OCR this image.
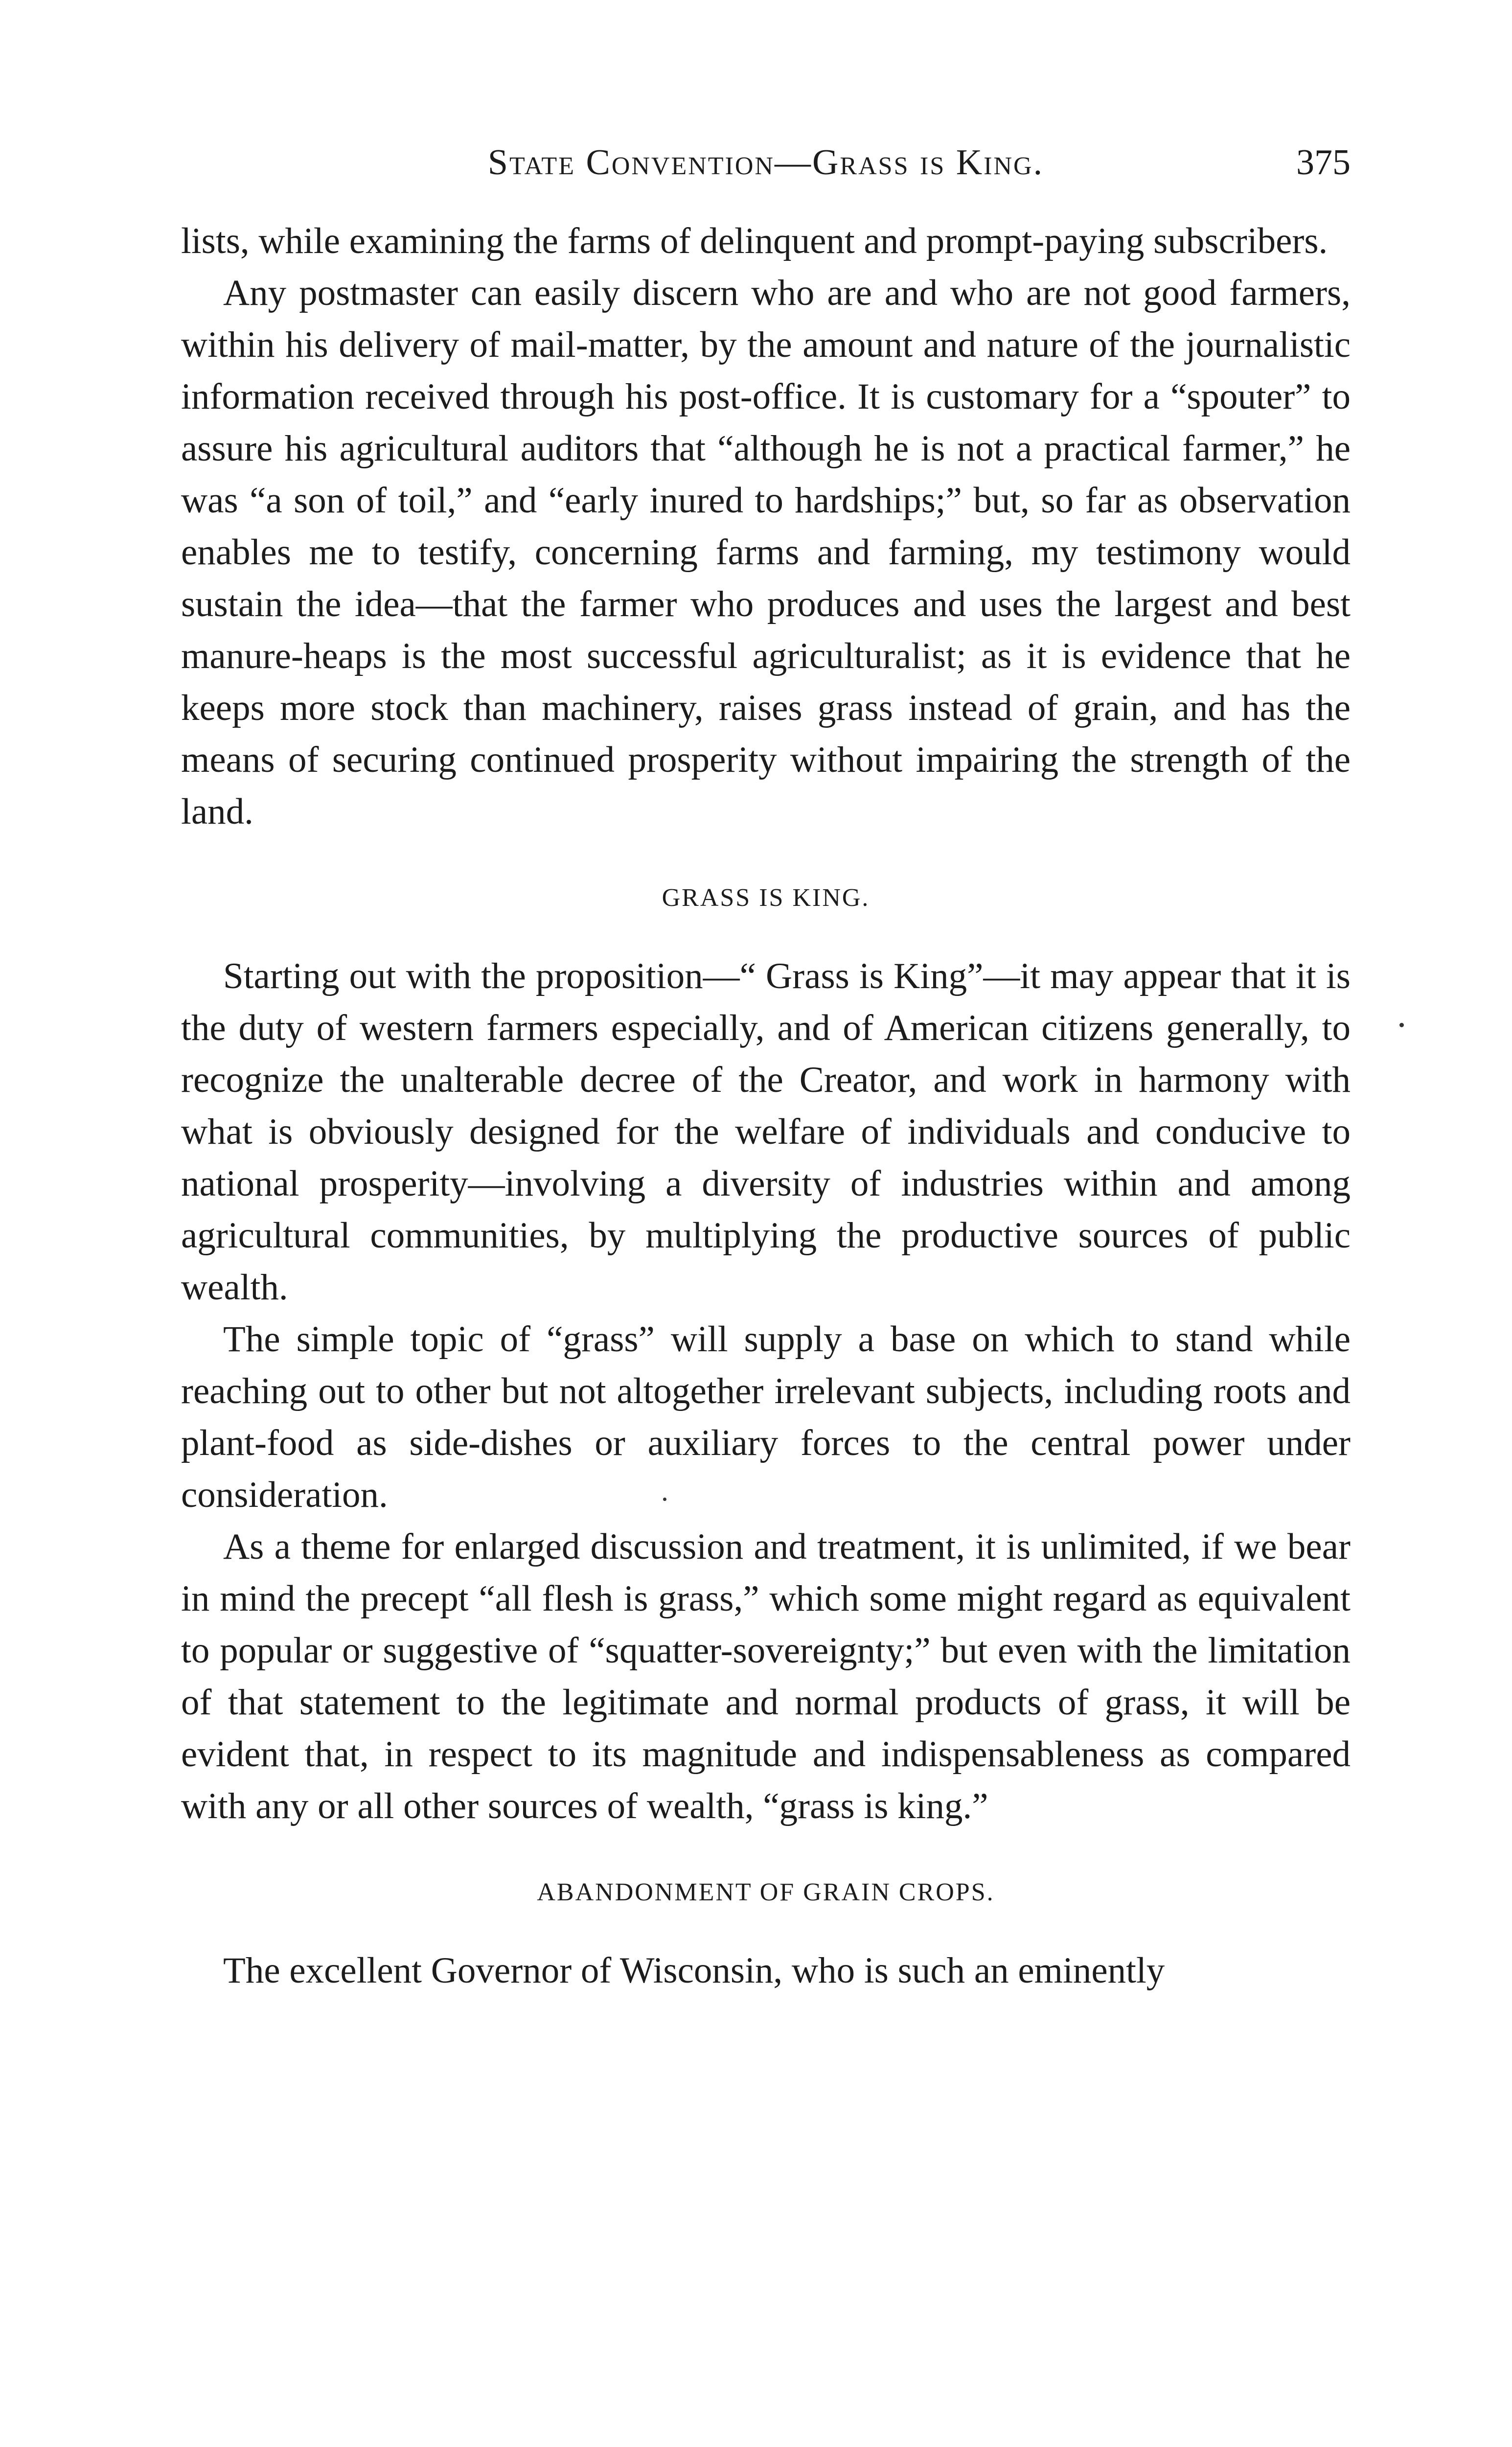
State Convention—Grass is King.	375

lists, while examining the farms of delinquent and prompt-paying subscribers.

Any postmaster can easily discern who are and who are not good farmers, within his delivery of mail-matter, by the amount and nature of the journalistic information received through his post-office. It is customary for a “spouter” to assure his agricultural auditors that “although he is not a practical farmer,” he was “a son of toil,” and “early inured to hardships;” but, so far as observation enables me to testify, concerning farms and farming, my testimony would sustain the idea—that the farmer who produces and uses the largest and best manure-heaps is the most successful agriculturalist; as it is evidence that he keeps more stock than machinery, raises grass instead of grain, and has the means of securing continued prosperity without impairing the strength of the land.

GRASS IS KING.

Starting out with the proposition—“ Grass is King”—it may appear that it is the duty of western farmers especially, and of American citizens generally, to recognize the unalterable decree of the Creator, and work in harmony with what is obviously designed for the welfare of individuals and conducive to national prosperity—involving a diversity of industries within and among agricultural communities, by multiplying the productive sources of public wealth.

The simple topic of “grass” will supply a base on which to stand while reaching out to other but not altogether irrelevant subjects, including roots and plant-food as side-dishes or auxiliary forces to the central power under consideration.

As a theme for enlarged discussion and treatment, it is unlimited, if we bear in mind the precept “all flesh is grass,” which some might regard as equivalent to popular or suggestive of “squatter-sovereignty;” but even with the limitation of that statement to the legitimate and normal products of grass, it will be evident that, in respect to its magnitude and indispensableness as compared with any or all other sources of wealth, “grass is king.”

ABANDONMENT OF GRAIN CROPS.

The excellent Governor of Wisconsin, who is such an eminently
